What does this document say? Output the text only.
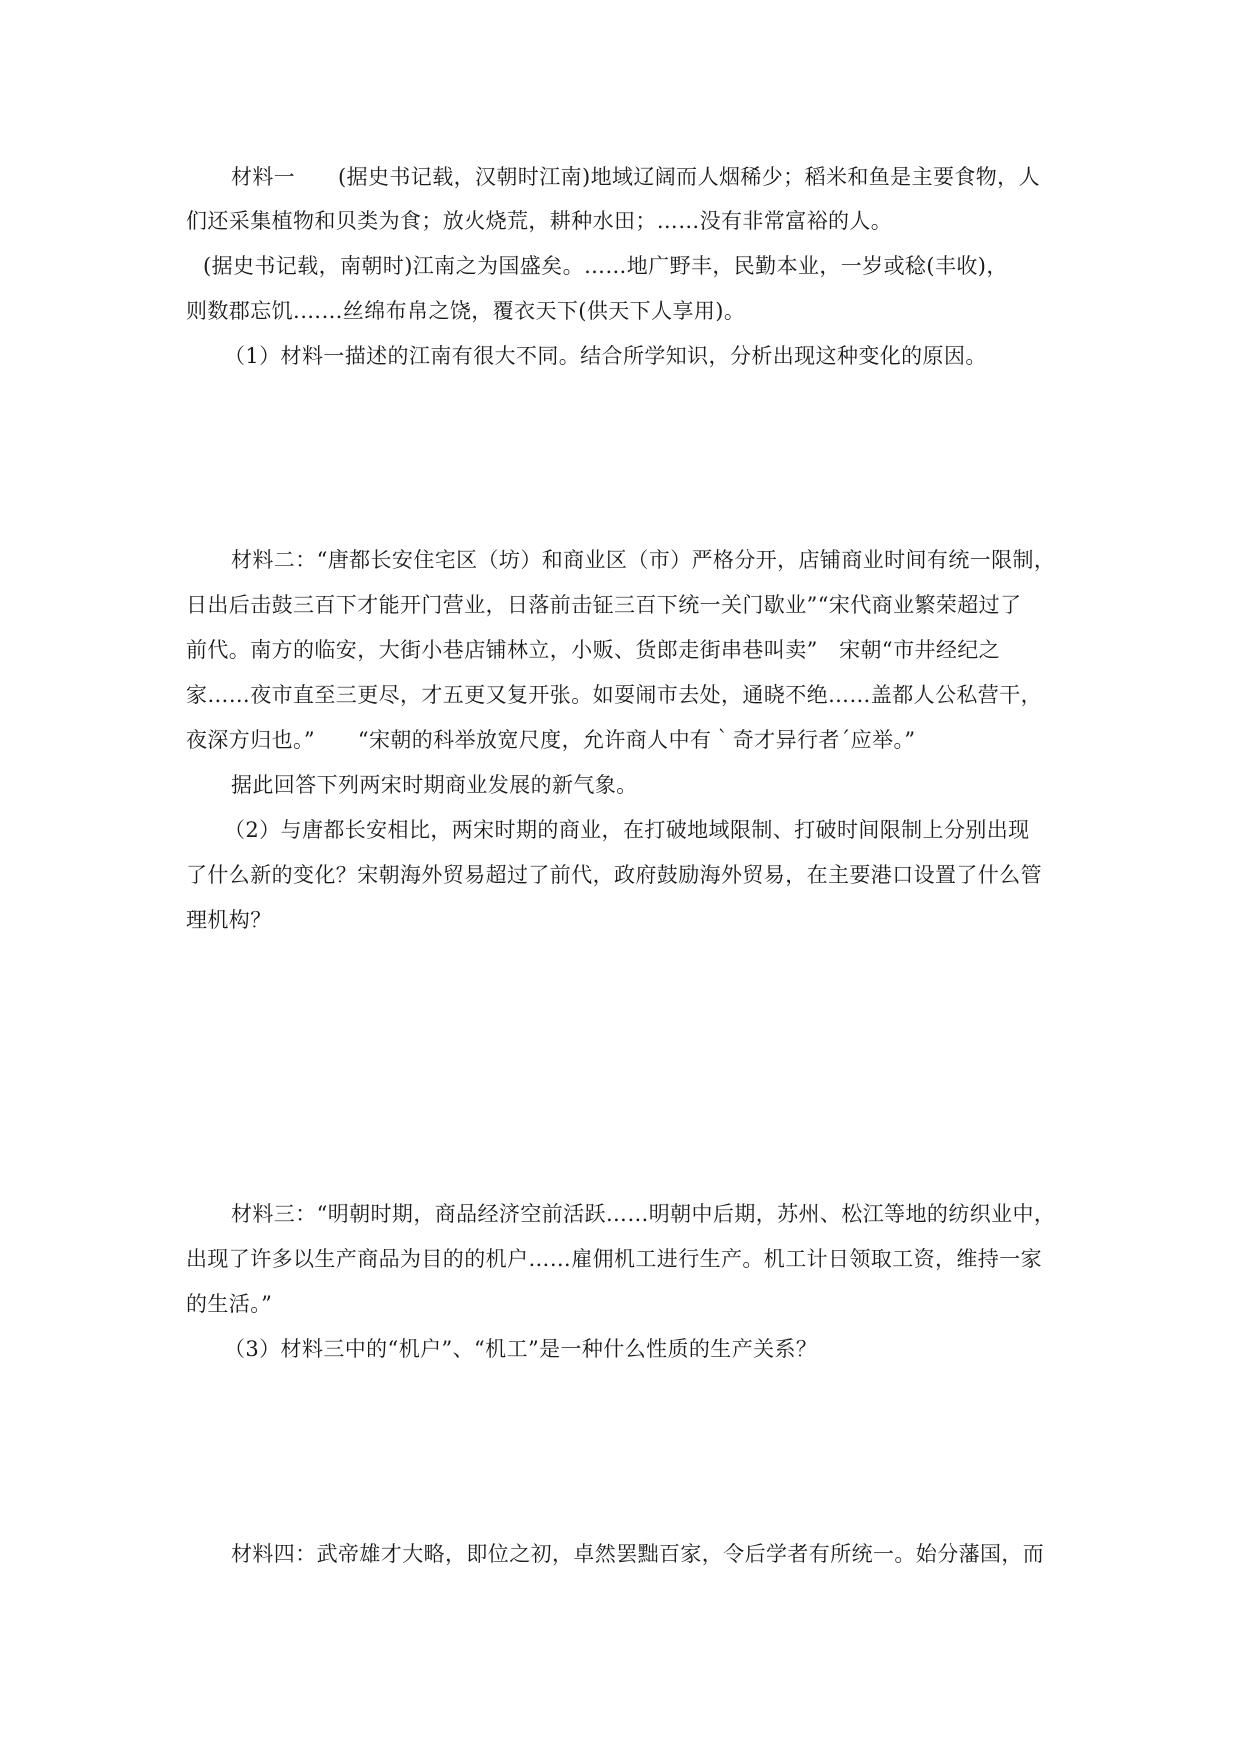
材料一　　(据史书记载，汉朝时江南)地域辽阔而人烟稀少；稻米和鱼是主要食物，人
们还采集植物和贝类为食；放火烧荒，耕种水田；……没有非常富裕的人。
(据史书记载，南朝时)江南之为国盛矣。……地广野丰，民勤本业，一岁或稔(丰收)，
则数郡忘饥.……丝绵布帛之饶，覆衣天下(供天下人享用)。
（1）材料一描述的江南有很大不同。结合所学知识，分析出现这种变化的原因。
材料二：“唐都长安住宅区（坊）和商业区（市）严格分开，店铺商业时间有统一限制，
日出后击鼓三百下才能开门营业，日落前击钲三百下统一关门歇业”“宋代商业繁荣超过了
前代。南方的临安，大街小巷店铺林立，小贩、货郎走街串巷叫卖”　宋朝“市井经纪之
家……夜市直至三更尽，才五更又复开张。如耍闹市去处，通晓不绝……盖都人公私营干，
夜深方归也。”　　“宋朝的科举放宽尺度，允许商人中有｀奇才异行者´应举。”
据此回答下列两宋时期商业发展的新气象。
（2）与唐都长安相比，两宋时期的商业，在打破地域限制、打破时间限制上分别出现
了什么新的变化？宋朝海外贸易超过了前代，政府鼓励海外贸易，在主要港口设置了什么管
理机构？
材料三：“明朝时期，商品经济空前活跃……明朝中后期，苏州、松江等地的纺织业中，
出现了许多以生产商品为目的的机户……雇佣机工进行生产。机工计日领取工资，维持一家
的生活。”
（3）材料三中的“机户”、“机工”是一种什么性质的生产关系？
材料四：武帝雄才大略，即位之初，卓然罢黜百家，令后学者有所统一。始分藩国，而
